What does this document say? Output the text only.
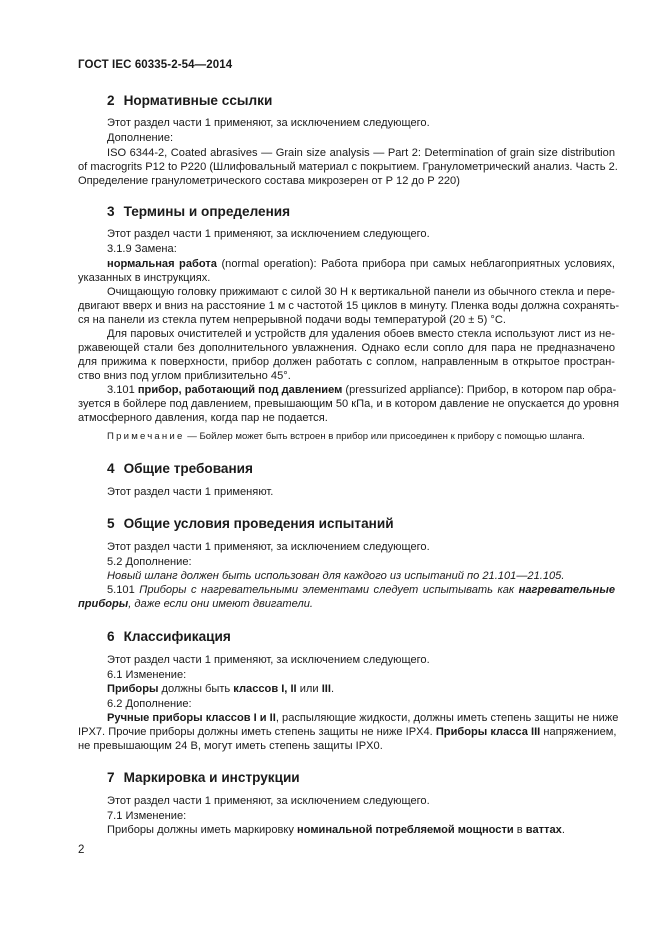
ГОСТ IEC 60335-2-54—2014
2 Нормативные ссылки
Этот раздел части 1 применяют, за исключением следующего.
Дополнение:
ISO 6344-2, Coated abrasives — Grain size analysis — Part 2: Determination of grain size distribution
of macrogrits P12 to P220 (Шлифовальный материал с покрытием. Гранулометрический анализ. Часть 2.
Определение гранулометрического состава микрозерен от Р 12 до Р 220)
3 Термины и определения
Этот раздел части 1 применяют, за исключением следующего.
3.1.9 Замена:
нормальная работа (normal operation): Работа прибора при самых неблагоприятных условиях,
указанных в инструкциях.
Очищающую головку прижимают с силой 30 Н к вертикальной панели из обычного стекла и пере-
двигают вверх и вниз на расстояние 1 м с частотой 15 циклов в минуту. Пленка воды должна сохранять-
ся на панели из стекла путем непрерывной подачи воды температурой (20 ± 5) °С.
Для паровых очистителей и устройств для удаления обоев вместо стекла используют лист из не-
ржавеющей стали без дополнительного увлажнения. Однако если сопло для пара не предназначено
для прижима к поверхности, прибор должен работать с соплом, направленным в открытое простран-
ство вниз под углом приблизительно 45°.
3.101 прибор, работающий под давлением (pressurized appliance): Прибор, в котором пар обра-
зуется в бойлере под давлением, превышающим 50 кПа, и в котором давление не опускается до уровня
атмосферного давления, когда пар не подается.
Примечание — Бойлер может быть встроен в прибор или присоединен к прибору с помощью шланга.
4 Общие требования
Этот раздел части 1 применяют.
5 Общие условия проведения испытаний
Этот раздел части 1 применяют, за исключением следующего.
5.2 Дополнение:
Новый шланг должен быть использован для каждого из испытаний по 21.101—21.105.
5.101 Приборы с нагревательными элементами следует испытывать как нагревательные
приборы, даже если они имеют двигатели.
6 Классификация
Этот раздел части 1 применяют, за исключением следующего.
6.1 Изменение:
Приборы должны быть классов I, II или III.
6.2 Дополнение:
Ручные приборы классов I и II, распыляющие жидкости, должны иметь степень защиты не ниже
IPX7. Прочие приборы должны иметь степень защиты не ниже IPX4. Приборы класса III напряжением,
не превышающим 24 В, могут иметь степень защиты IPX0.
7 Маркировка и инструкции
Этот раздел части 1 применяют, за исключением следующего.
7.1 Изменение:
Приборы должны иметь маркировку номинальной потребляемой мощности в ваттах.
2
